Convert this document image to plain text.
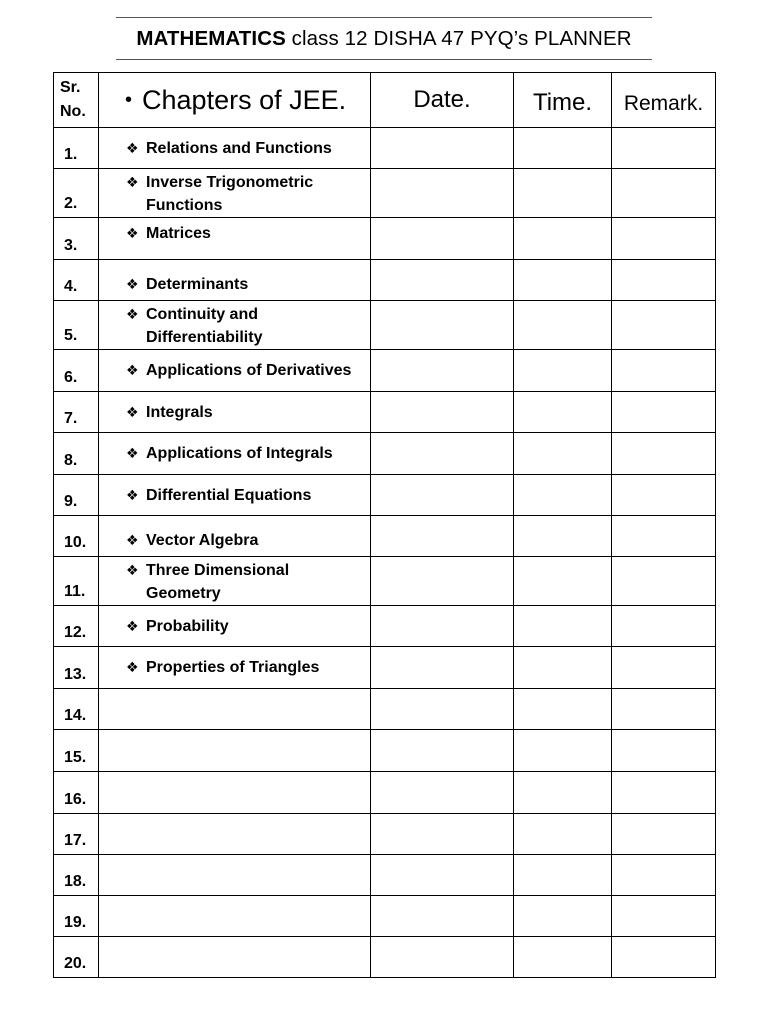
MATHEMATICS class 12 DISHA 47 PYQ’s PLANNER
Sr.
No.	• Chapters of JEE.	Date.	Time.	Remark.
1.	❖ Relations and Functions			

2.	❖ Inverse Trigonometric
Functions			

3.	❖ Matrices			

4.	❖ Determinants			

5.	❖ Continuity and
Differentiability			

6.	❖ Applications of Derivatives			

7.	❖ Integrals			

8.	❖ Applications of Integrals			

9.	❖ Differential Equations			

10.	❖ Vector Algebra			

11.	❖ Three Dimensional
Geometry			

12.	❖ Probability			

13.	❖ Properties of Triangles			

14.				
15.				
16.				
17.				
18.				
19.				
20.				
